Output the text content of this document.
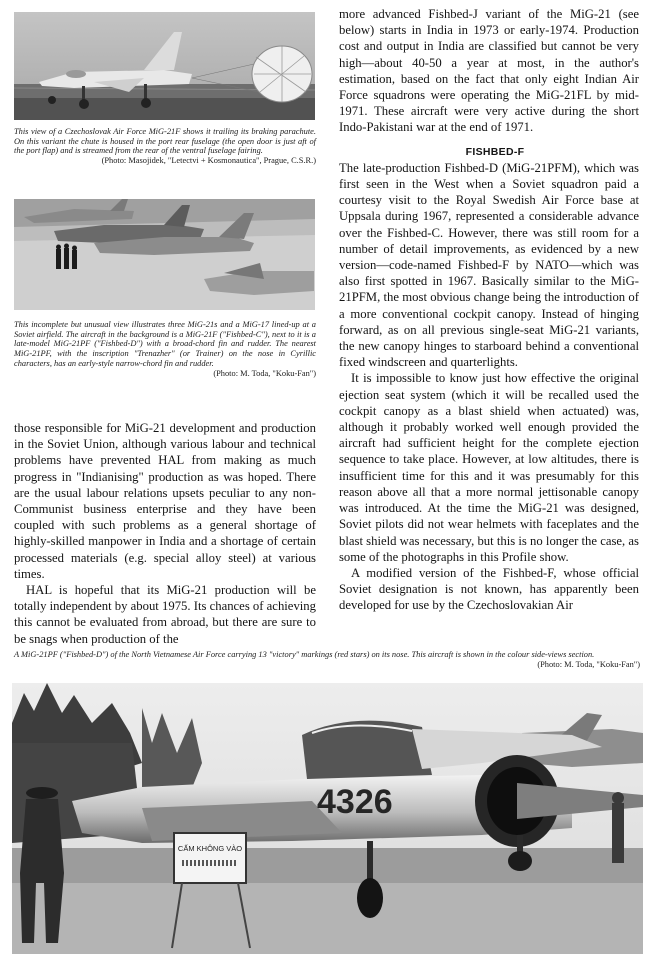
This view of a Czechoslovak Air Force MiG-21F shows it trailing its braking parachute. On this variant the chute is housed in the port rear fuselage (the open door is just aft of the port flap) and is streamed from the rear of the ventral fuselage fairing.
(Photo: Masojidek, "Letectvi + Kosmonautica", Prague, C.S.R.)

This incomplete but unusual view illustrates three MiG-21s and a MiG-17 lined-up at a Soviet airfield. The aircraft in the background is a MiG-21F ("Fishbed-C"), next to it is a late-model MiG-21PF ("Fishbed-D") with a broad-chord fin and rudder. The nearest MiG-21PF, with the inscription "Trenazher" (or Trainer) on the nose in Cyrillic characters, has an early-style narrow-chord fin and rudder.
(Photo: M. Toda, "Koku-Fan")

those responsible for MiG-21 development and production in the Soviet Union, although various labour and technical problems have prevented HAL from making as much progress in "Indianising" production as was hoped. There are the usual labour relations upsets peculiar to any non-Communist business enterprise and they have been coupled with such problems as a general shortage of highly-skilled manpower in India and a shortage of certain processed materials (e.g. special alloy steel) at various times.

HAL is hopeful that its MiG-21 production will be totally independent by about 1975. Its chances of achieving this cannot be evaluated from abroad, but there are sure to be snags when production of the

more advanced Fishbed-J variant of the MiG-21 (see below) starts in India in 1973 or early-1974. Production cost and output in India are classified but cannot be very high—about 40-50 a year at most, in the author's estimation, based on the fact that only eight Indian Air Force squadrons were operating the MiG-21FL by mid-1971. These aircraft were very active during the short Indo-Pakistani war at the end of 1971.

FISHBED-F

The late-production Fishbed-D (MiG-21PFM), which was first seen in the West when a Soviet squadron paid a courtesy visit to the Royal Swedish Air Force base at Uppsala during 1967, represented a considerable advance over the Fishbed-C. However, there was still room for a number of detail improvements, as evidenced by a new version—code-named Fishbed-F by NATO—which was also first spotted in 1967. Basically similar to the MiG-21PFM, the most obvious change being the introduction of a more conventional cockpit canopy. Instead of hinging forward, as on all previous single-seat MiG-21 variants, the new canopy hinges to starboard behind a conventional fixed windscreen and quarterlights.

It is impossible to know just how effective the original ejection seat system (which it will be recalled used the cockpit canopy as a blast shield when actuated) was, although it probably worked well enough provided the aircraft had sufficient height for the complete ejection sequence to take place. However, at low altitudes, there is insufficient time for this and it was presumably for this reason above all that a more normal jettisonable canopy was introduced. At the time the MiG-21 was designed, Soviet pilots did not wear helmets with faceplates and the blast shield was necessary, but this is no longer the case, as some of the photographs in this Profile show.

A modified version of the Fishbed-F, whose official Soviet designation is not known, has apparently been developed for use by the Czechoslovakian Air

A MiG-21PF ("Fishbed-D") of the North Vietnamese Air Force carrying 13 "victory" markings (red stars) on its nose. This aircraft is shown in the colour side-views section.
(Photo: M. Toda, "Koku-Fan")

4326
CẤM KHÔNG VÀO
